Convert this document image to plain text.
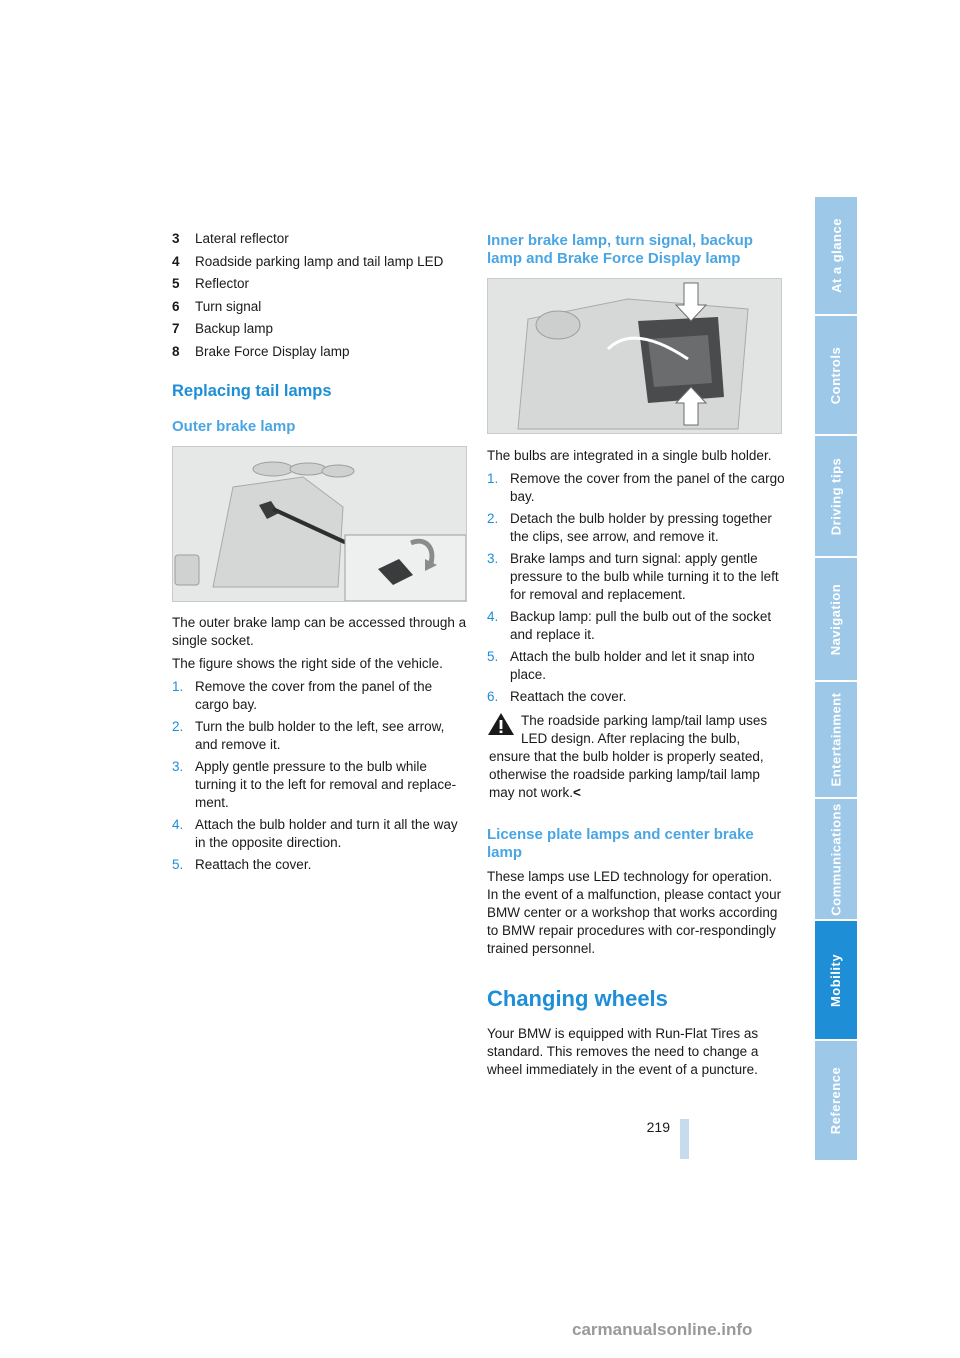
3	Lateral reflector
4	Roadside parking lamp and tail lamp LED
5	Reflector
6	Turn signal
7	Backup lamp
8	Brake Force Display lamp
Replacing tail lamps
Outer brake lamp

The outer brake lamp can be accessed through a single socket.

The figure shows the right side of the vehicle.

1. Remove the cover from the panel of the cargo bay.
2. Turn the bulb holder to the left, see arrow, and remove it.
3. Apply gentle pressure to the bulb while turning it to the left for removal and replace-ment.
4. Attach the bulb holder and turn it all the way in the opposite direction.
5. Reattach the cover.
Inner brake lamp, turn signal, backup lamp and Brake Force Display lamp

The bulbs are integrated in a single bulb holder.

1. Remove the cover from the panel of the cargo bay.
2. Detach the bulb holder by pressing together the clips, see arrow, and remove it.
3. Brake lamps and turn signal: apply gentle pressure to the bulb while turning it to the left for removal and replacement.
4. Backup lamp: pull the bulb out of the socket and replace it.
5. Attach the bulb holder and let it snap into place.
6. Reattach the cover.

The roadside parking lamp/tail lamp uses LED design. After replacing the bulb, ensure that the bulb holder is properly seated, otherwise the roadside parking lamp/tail lamp may not work.<

License plate lamps and center brake lamp

These lamps use LED technology for operation. In the event of a malfunction, please contact your BMW center or a workshop that works according to BMW repair procedures with cor-respondingly trained personnel.

Changing wheels

Your BMW is equipped with Run-Flat Tires as standard. This removes the need to change a wheel immediately in the event of a puncture.

At a glance
Controls
Driving tips
Navigation
Entertainment
Communications
Mobility
Reference
219
carmanualsonline.info
